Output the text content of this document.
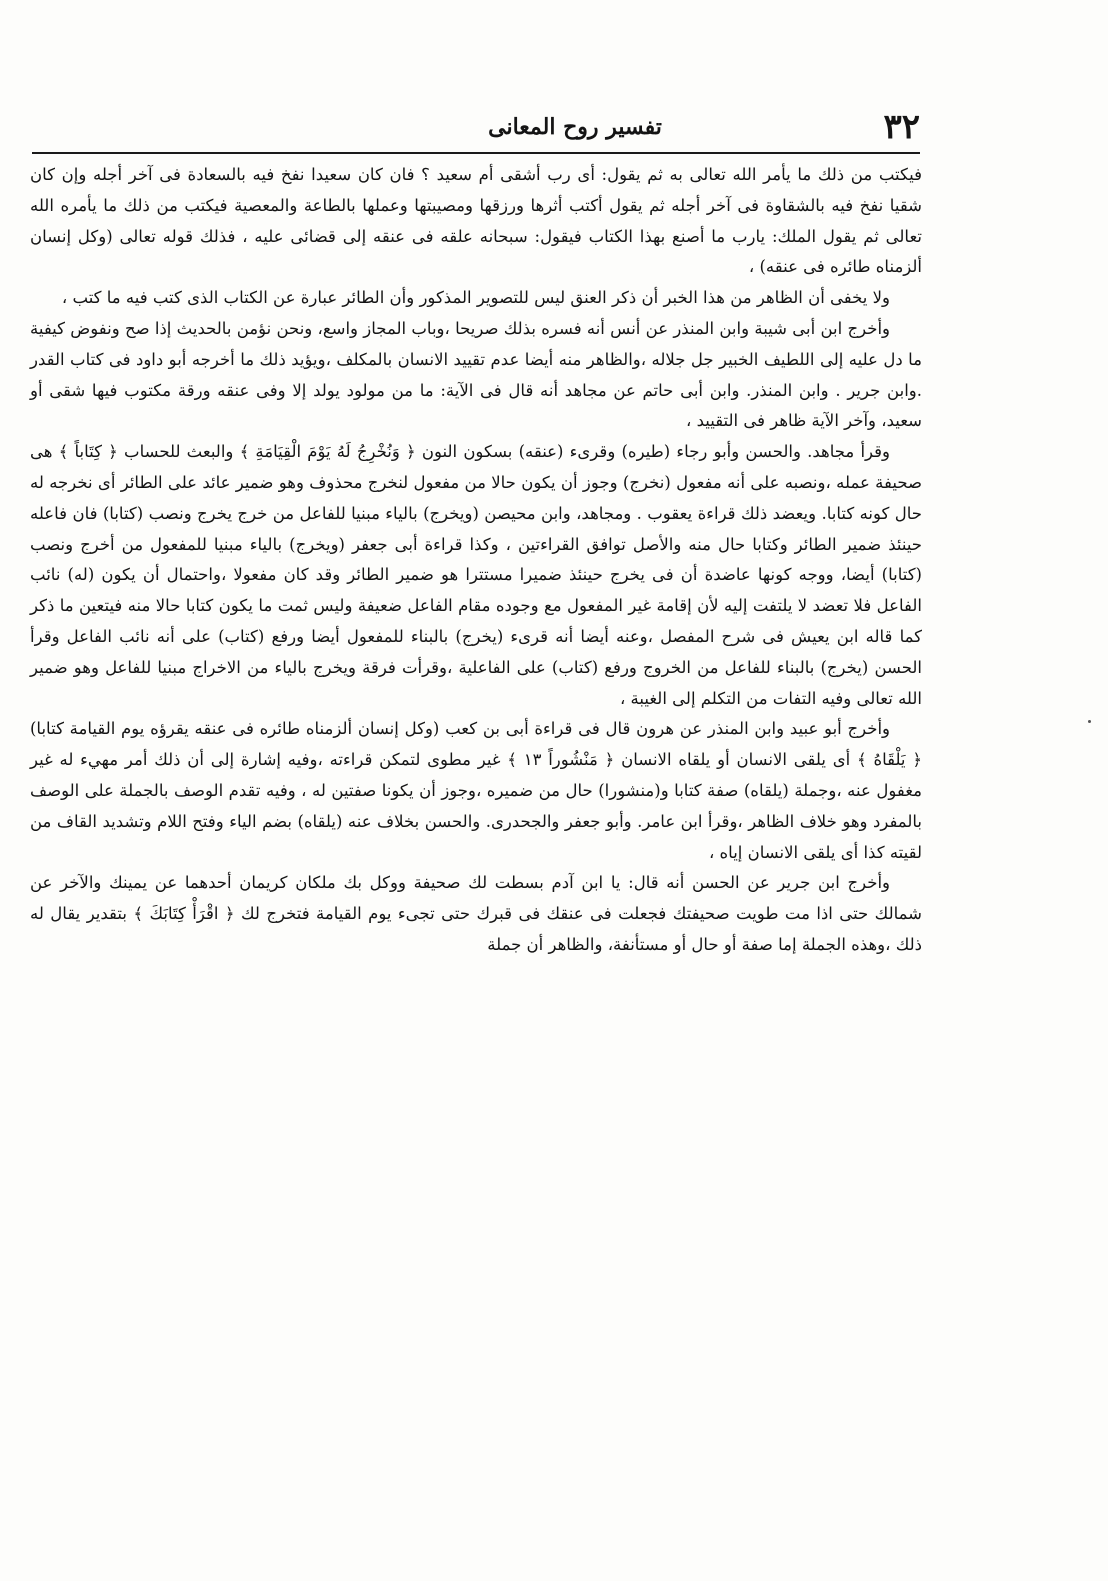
٣٢
تفسير روح المعانى

فيكتب من ذلك ما يأمر الله تعالى به ثم يقول: أى رب أشقى أم سعيد ؟ فان كان سعيدا نفخ فيه بالسعادة فى آخر أجله وإن كان شقيا نفخ فيه بالشقاوة فى آخر أجله ثم يقول أكتب أثرها ورزقها ومصيبتها وعملها بالطاعة والمعصية فيكتب من ذلك ما يأمره الله تعالى ثم يقول الملك: يارب ما أصنع بهذا الكتاب فيقول: سبحانه علقه فى عنقه إلى قضائى عليه ، فذلك قوله تعالى (وكل إنسان ألزمناه طائره فى عنقه) ،

ولا يخفى أن الظاهر من هذا الخبر أن ذكر العنق ليس للتصوير المذكور وأن الطائر عبارة عن الكتاب الذى كتب فيه ما كتب ،

وأخرج ابن أبى شيبة وابن المنذر عن أنس أنه فسره بذلك صريحا ،وباب المجاز واسع، ونحن نؤمن بالحديث إذا صح ونفوض كيفية ما دل عليه إلى اللطيف الخبير جل جلاله ،والظاهر منه أيضا عدم تقييد الانسان بالمكلف ،ويؤيد ذلك ما أخرجه أبو داود فى كتاب القدر .وابن جرير . وابن المنذر. وابن أبى حاتم عن مجاهد أنه قال فى الآية: ما من مولود يولد إلا وفى عنقه ورقة مكتوب فيها شقى أو سعيد، وآخر الآية ظاهر فى التقييد ،

وقرأ مجاهد. والحسن وأبو رجاء (طيره) وقرىء (عنقه) بسكون النون ﴿ وَنُخْرِجُ لَهُ يَوْمَ الْقِيَامَةِ ﴾ والبعث للحساب ﴿ كِتَاباً ﴾ هى صحيفة عمله ،ونصبه على أنه مفعول (نخرج) وجوز أن يكون حالا من مفعول لنخرج محذوف وهو ضمير عائد على الطائر أى نخرجه له حال كونه كتابا. ويعضد ذلك قراءة يعقوب . ومجاهد، وابن محيصن (ويخرج) بالياء مبنيا للفاعل من خرج يخرج ونصب (كتابا) فان فاعله حينئذ ضمير الطائر وكتابا حال منه والأصل توافق القراءتين ، وكذا قراءة أبى جعفر (ويخرج) بالياء مبنيا للمفعول من أخرج ونصب (كتابا) أيضا، ووجه كونها عاضدة أن فى يخرج حينئذ ضميرا مستترا هو ضمير الطائر وقد كان مفعولا ،واحتمال أن يكون (له) نائب الفاعل فلا تعضد لا يلتفت إليه لأن إقامة غير المفعول مع وجوده مقام الفاعل ضعيفة وليس ثمت ما يكون كتابا حالا منه فيتعين ما ذكر كما قاله ابن يعيش فى شرح المفصل ،وعنه أيضا أنه قرىء (يخرج) بالبناء للمفعول أيضا ورفع (كتاب) على أنه نائب الفاعل وقرأ الحسن (يخرج) بالبناء للفاعل من الخروج ورفع (كتاب) على الفاعلية ،وقرأت فرقة ويخرج بالياء من الاخراج مبنيا للفاعل وهو ضمير الله تعالى وفيه التفات من التكلم إلى الغيبة ،

وأخرج أبو عبيد وابن المنذر عن هرون قال فى قراءة أبى بن كعب (وكل إنسان ألزمناه طائره فى عنقه يقرؤه يوم القيامة كتابا) ﴿ يَلْقَاهُ ﴾ أى يلقى الانسان أو يلقاه الانسان ﴿ مَنْشُوراً ١٣ ﴾ غير مطوى لتمكن قراءته ،وفيه إشارة إلى أن ذلك أمر مهيء له غير مغفول عنه ،وجملة (يلقاه) صفة كتابا و(منشورا) حال من ضميره ،وجوز أن يكونا صفتين له ، وفيه تقدم الوصف بالجملة على الوصف بالمفرد وهو خلاف الظاهر ،وقرأ ابن عامر. وأبو جعفر والجحدرى. والحسن بخلاف عنه (يلقاه) بضم الياء وفتح اللام وتشديد القاف من لقيته كذا أى يلقى الانسان إياه ،

وأخرج ابن جرير عن الحسن أنه قال: يا ابن آدم بسطت لك صحيفة ووكل بك ملكان كريمان أحدهما عن يمينك والآخر عن شمالك حتى اذا مت طويت صحيفتك فجعلت فى عنقك فى قبرك حتى تجىء يوم القيامة فتخرج لك ﴿ اقْرَأْ كِتَابَكَ ﴾ بتقدير يقال له ذلك ،وهذه الجملة إما صفة أو حال أو مستأنفة، والظاهر أن جملة
